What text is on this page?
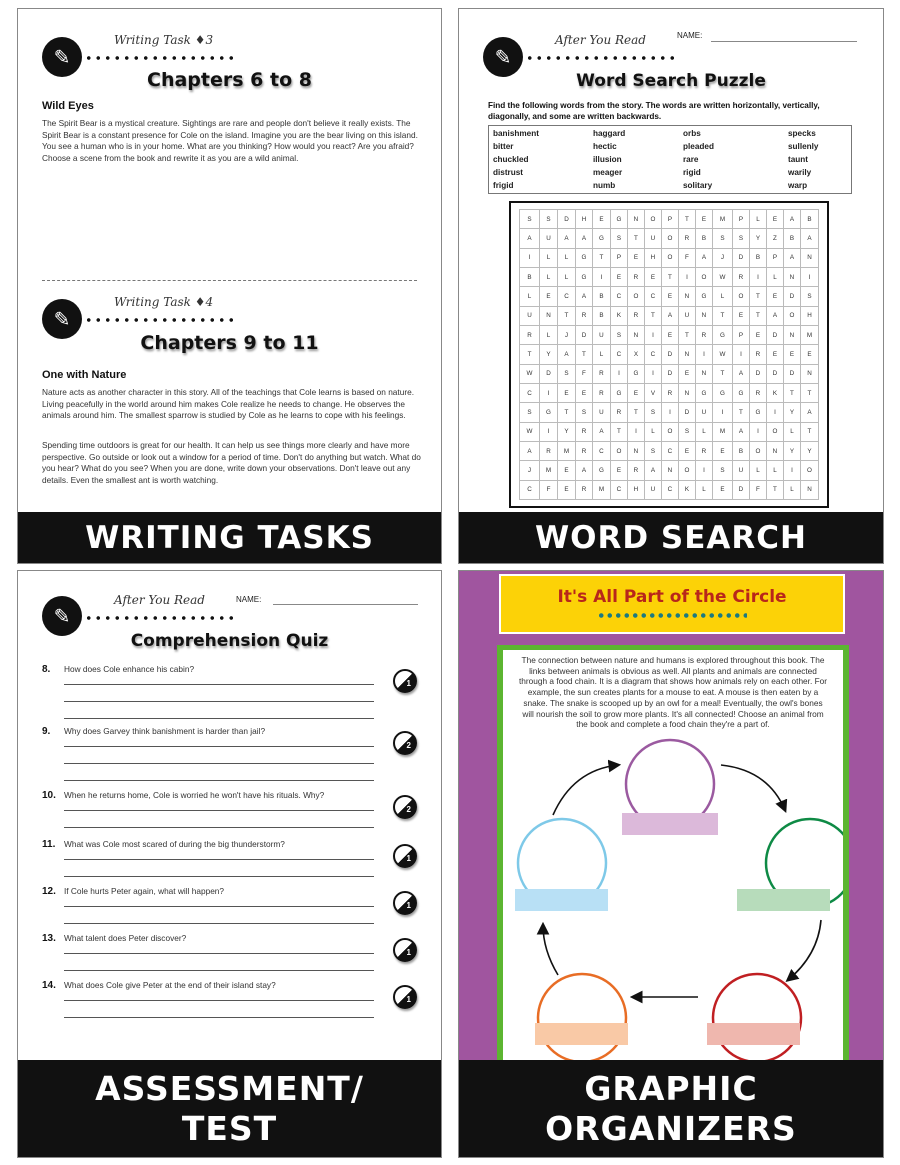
✎
Writing Task ♦3
Chapters 6 to 8
Wild Eyes
The Spirit Bear is a mystical creature. Sightings are rare and people don't believe it really exists. The Spirit Bear is a constant presence for Cole on the island. Imagine you are the bear living on this island. You see a human who is in your home. What are you thinking? How would you react? Are you afraid? Choose a scene from the book and rewrite it as you are a wild animal.
✎
Writing Task ♦4
Chapters 9 to 11
One with Nature
Nature acts as another character in this story. All of the teachings that Cole learns is based on nature. Living peacefully in the world around him makes Cole realize he needs to change. He observes the animals around him. The smallest sparrow is studied by Cole as he learns to cope with his feelings.
Spending time outdoors is great for our health. It can help us see things more clearly and have more perspective. Go outside or look out a window for a period of time. Don't do anything but watch. What do you hear? What do you see? When you are done, write down your observations. Don't leave out any details. Even the smallest ant is worth watching.
WRITING TASKS
✎
After You Read	NAME:
Word Search Puzzle
Find the following words from the story. The words are written horizontally, vertically, diagonally, and some are written backwards.
banishment	haggard	orbs	specks
bitter	hectic	pleaded	sullenly
chuckled	illusion	rare	taunt
distrust	meager	rigid	warily
frigid	numb	solitary	warp
S	S	D	H	E	G	N	O	P	T	E	M	P	L	E	A	B
A	U	A	A	G	S	T	U	O	R	B	S	S	Y	Z	B	A
I	L	L	G	T	P	E	H	O	F	A	J	D	B	P	A	N
B	L	L	G	I	E	R	E	T	I	O	W	R	I	L	N	I
L	E	C	A	B	C	O	C	E	N	G	L	O	T	E	D	S
U	N	T	R	B	K	R	T	A	U	N	T	E	T	A	O	H
R	L	J	D	U	S	N	I	E	T	R	G	P	E	D	N	M
T	Y	A	T	L	C	X	C	D	N	I	W	I	R	E	E	E
W	D	S	F	R	I	G	I	D	E	N	T	A	D	D	D	N
C	I	E	E	R	G	E	V	R	N	G	G	G	R	K	T	T
S	G	T	S	U	R	T	S	I	D	U	I	T	G	I	Y	A
W	I	Y	R	A	T	I	L	O	S	L	M	A	I	O	L	T
A	R	M	R	C	O	N	S	C	E	R	E	B	O	N	Y	Y
J	M	E	A	G	E	R	A	N	O	I	S	U	L	L	I	O
C	F	E	R	M	C	H	U	C	K	L	E	D	F	T	L	N
WORD SEARCH
✎
After You Read	NAME:
Comprehension Quiz
8. How does Cole enhance his cabin?
1
9. Why does Garvey think banishment is harder than jail?
2
10. When he returns home, Cole is worried he won't have his rituals. Why?
2
11. What was Cole most scared of during the big thunderstorm?
1
12. If Cole hurts Peter again, what will happen?
1
13. What talent does Peter discover?
1
14. What does Cole give Peter at the end of their island stay?
1
ASSESSMENT/
TEST
It's All Part of the Circle
The connection between nature and humans is explored throughout this book. The links between animals is obvious as well. All plants and animals are connected through a food chain. It is a diagram that shows how animals rely on each other. For example, the sun creates plants for a mouse to eat. A mouse is then eaten by a snake. The snake is scooped up by an owl for a meal! Eventually, the owl's bones will nourish the soil to grow more plants. It's all connected! Choose an animal from the book and complete a food chain they're a part of.
GRAPHIC
ORGANIZERS
